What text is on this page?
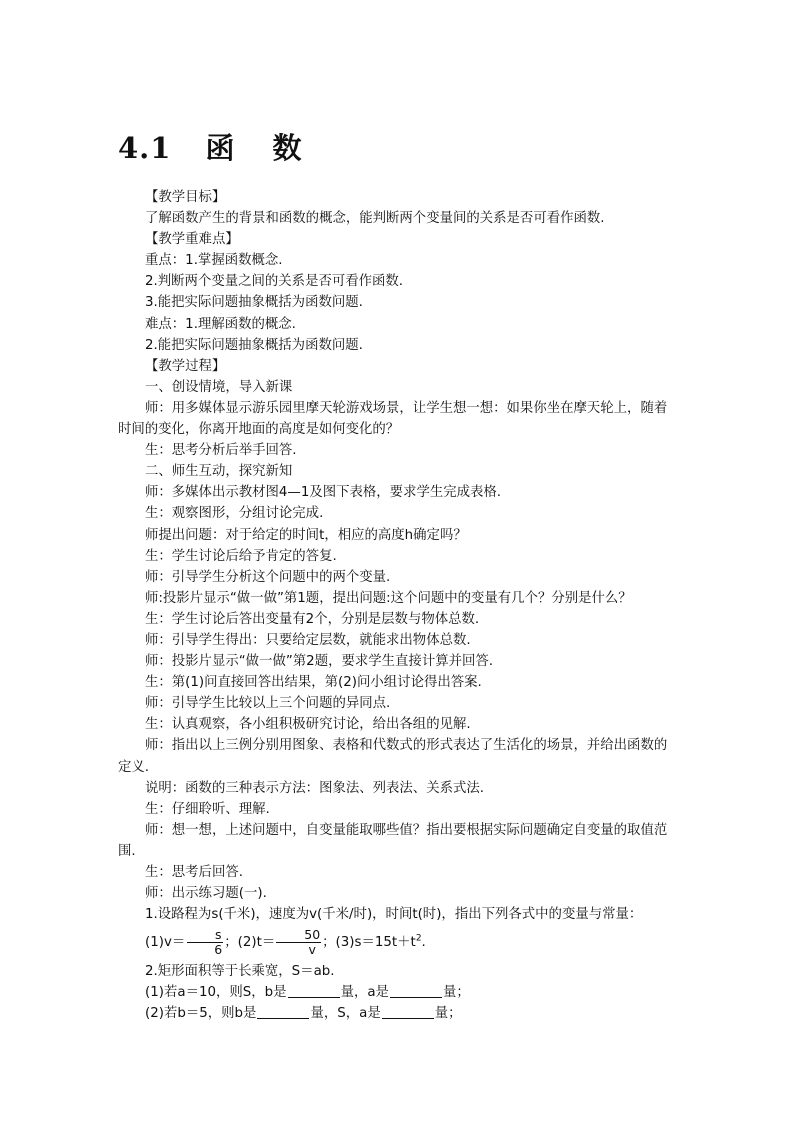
4.1 函 数

【教学目标】

了解函数产生的背景和函数的概念，能判断两个变量间的关系是否可看作函数.

【教学重难点】

重点：1.掌握函数概念.

2.判断两个变量之间的关系是否可看作函数.

3.能把实际问题抽象概括为函数问题.

难点：1.理解函数的概念.

2.能把实际问题抽象概括为函数问题.

【教学过程】

一、创设情境，导入新课

师：用多媒体显示游乐园里摩天轮游戏场景，让学生想一想：如果你坐在摩天轮上，随着时间的变化，你离开地面的高度是如何变化的？

生：思考分析后举手回答.

二、师生互动，探究新知

师：多媒体出示教材图4—1及图下表格，要求学生完成表格.

生：观察图形，分组讨论完成.

师提出问题：对于给定的时间t，相应的高度h确定吗？

生：学生讨论后给予肯定的答复.

师：引导学生分析这个问题中的两个变量.

师:投影片显示“做一做”第1题，提出问题:这个问题中的变量有几个？分别是什么？

生：学生讨论后答出变量有2个，分别是层数与物体总数.

师：引导学生得出：只要给定层数，就能求出物体总数.

师：投影片显示“做一做”第2题，要求学生直接计算并回答.

生：第(1)问直接回答出结果，第(2)问小组讨论得出答案.

师：引导学生比较以上三个问题的异同点.

生：认真观察，各小组积极研究讨论，给出各组的见解.

师：指出以上三例分别用图象、表格和代数式的形式表达了生活化的场景，并给出函数的定义.

说明：函数的三种表示方法：图象法、列表法、关系式法.

生：仔细聆听、理解.

师：想一想，上述问题中，自变量能取哪些值？指出要根据实际问题确定自变量的取值范围.

生：思考后回答.

师：出示练习题(一).

1.设路程为s(千米)，速度为v(千米/时)，时间t(时)，指出下列各式中的变量与常量：

$(1)v= \frac{s}{6}$ ；$(2)t= \frac{50}{v}$ ；$(3)s=15t+t^2$.

2.矩形面积等于长乘宽，S＝ab.

(1)若a＝10，则S，b是	量，a是	量；

(2)若b＝5，则b是	量，S，a是	量；
